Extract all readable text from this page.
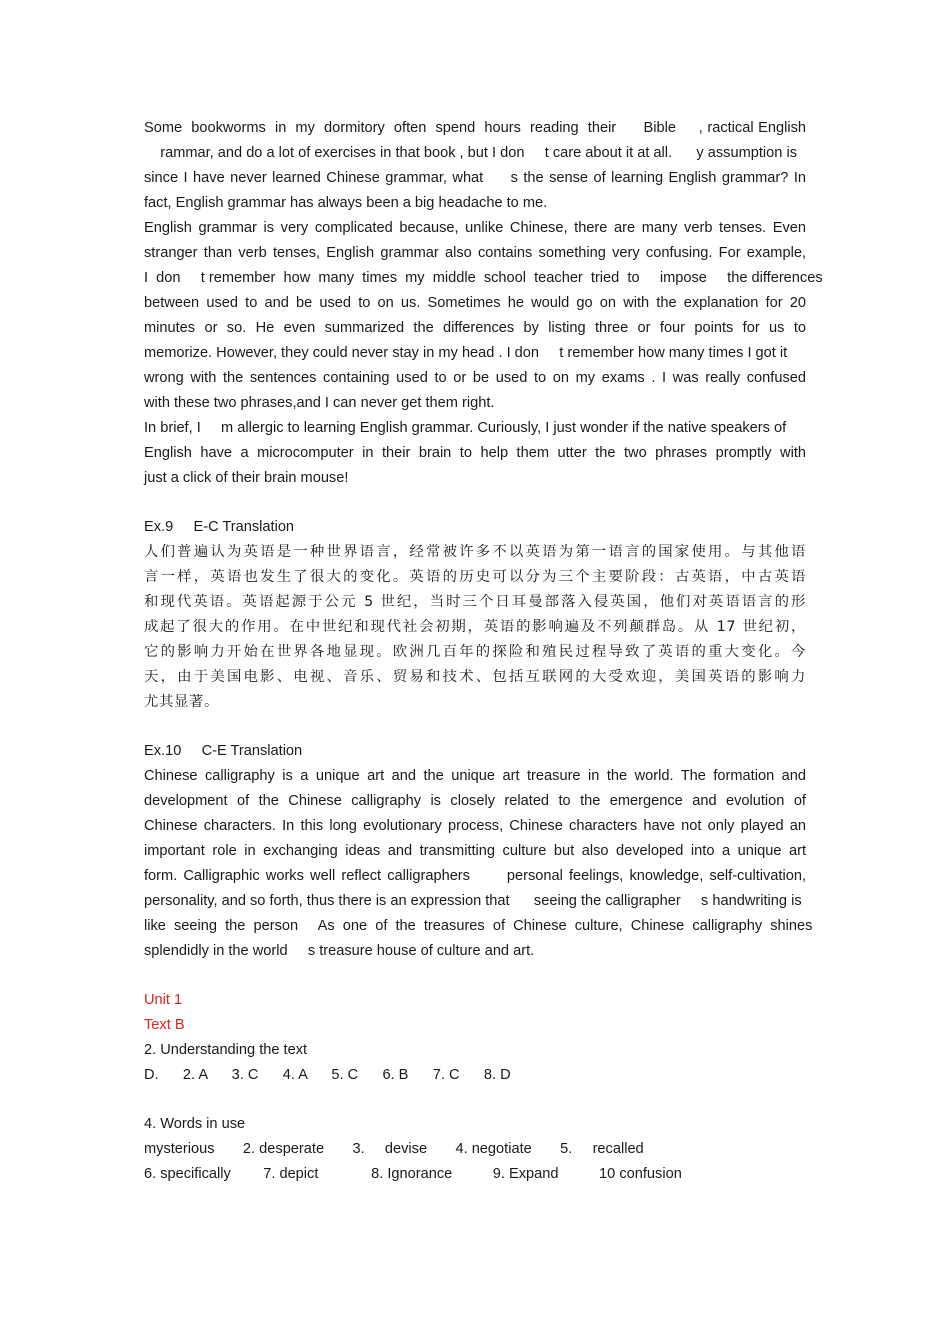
Some  bookworms  in  my  dormitory  often  spend  hours  reading  their      Bible     , ractical English
rammar, and do a lot of exercises in that book , but I don     t care about it at all.      y assumption is
since I have never learned Chinese grammar, what     s the sense of learning English grammar? In
fact, English grammar has always been a big headache to me.
English grammar is very complicated because, unlike Chinese, there are many verb tenses. Even
stranger than verb tenses, English grammar also contains something very confusing. For example,
I  don     t remember  how  many  times  my  middle  school  teacher  tried  to     impose     the differences
between used to and be used to on us. Sometimes he would go on with the explanation for 20
minutes  or  so.  He  even  summarized  the  differences  by  listing  three  or  four  points  for  us  to
memorize. However, they could never stay in my head . I don     t remember how many times I got it
wrong with the sentences containing used to or be used to on my exams . I was really confused
with these two phrases,and I can never get them right.
In brief, I     m allergic to learning English grammar. Curiously, I just wonder if the native speakers of
English have a microcomputer in their brain to help them utter the two phrases promptly with
just a click of their brain mouse!
Ex.9     E-C Translation
人们普遍认为英语是一种世界语言，经常被许多不以英语为第一语言的国家使用。与其他语
言一样，英语也发生了很大的变化。英语的历史可以分为三个主要阶段：古英语，中古英语
和现代英语。英语起源于公元 5 世纪，当时三个日耳曼部落入侵英国，他们对英语语言的形
成起了很大的作用。在中世纪和现代社会初期，英语的影响遍及不列颠群岛。从 17 世纪初，
它的影响力开始在世界各地显现。欧洲几百年的探险和殖民过程导致了英语的重大变化。今
天，由于美国电影、电视、音乐、贸易和技术、包括互联网的大受欢迎，美国英语的影响力
尤其显著。
Ex.10     C-E Translation
Chinese calligraphy is a unique art and the unique art treasure in the world. The formation and
development  of  the  Chinese  calligraphy  is  closely  related  to  the  emergence  and  evolution  of
Chinese characters. In this long evolutionary process, Chinese characters have not only played an
important role in exchanging ideas and transmitting culture but also developed into a unique art
form. Calligraphic works well reflect calligraphers      personal feelings, knowledge, self-cultivation,
personality, and so forth, thus there is an expression that      seeing the calligrapher     s handwriting is
like  seeing  the  person     As  one  of  the  treasures  of  Chinese  culture,  Chinese  calligraphy  shines
splendidly in the world     s treasure house of culture and art.
Unit 1
Text B
2. Understanding the text
D.      2. A      3. C      4. A      5. C      6. B      7. C      8. D
4. Words in use
mysterious       2. desperate       3.     devise       4. negotiate       5.     recalled
6. specifically        7. depict             8. Ignorance          9. Expand          10 confusion
